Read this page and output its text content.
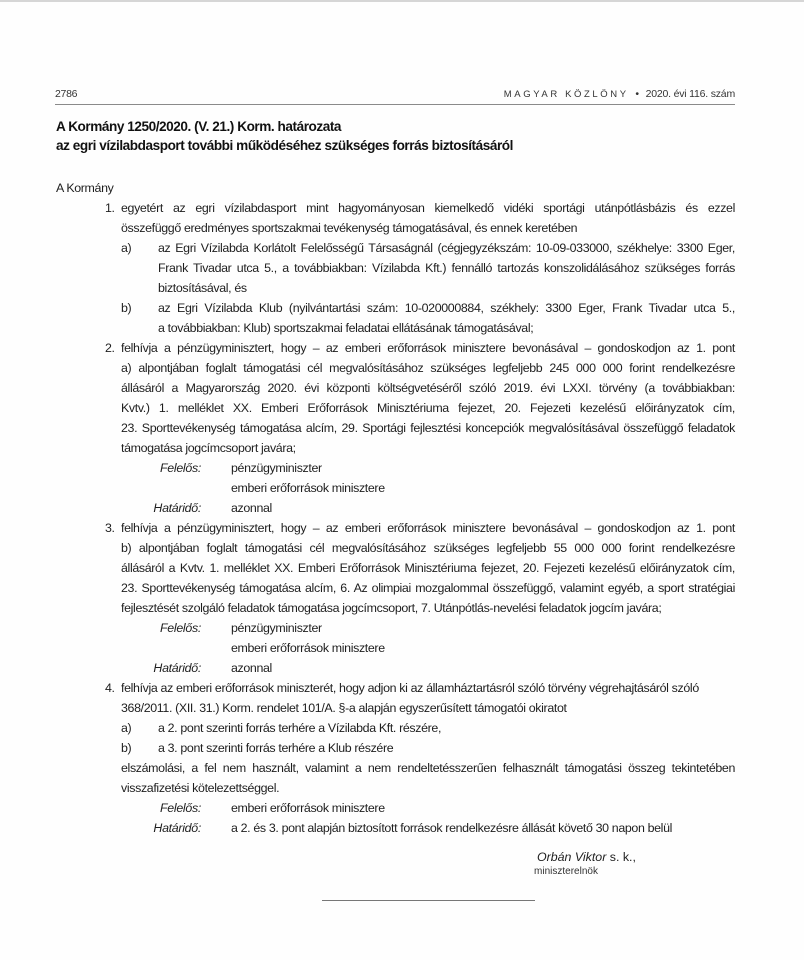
2786	MAGYAR KÖZLÖNY • 2020. évi 116. szám
A Kormány 1250/2020. (V. 21.) Korm. határozata
az egri vízilabdasport további működéséhez szükséges forrás biztosításáról
A Kormány
1. egyetért az egri vízilabdasport mint hagyományosan kiemelkedő vidéki sportági utánpótlásbázis és ezzel
összefüggő eredményes sportszakmai tevékenység támogatásával, és ennek keretében
a) az Egri Vízilabda Korlátolt Felelősségű Társaságnál (cégjegyzékszám: 10-09-033000, székhelye: 3300 Eger,
Frank Tivadar utca 5., a továbbiakban: Vízilabda Kft.) fennálló tartozás konszolidálásához szükséges forrás
biztosításával, és
b) az Egri Vízilabda Klub (nyilvántartási szám: 10-020000884, székhely: 3300 Eger, Frank Tivadar utca 5.,
a továbbiakban: Klub) sportszakmai feladatai ellátásának támogatásával;
2. felhívja a pénzügyminisztert, hogy – az emberi erőforrások minisztere bevonásával – gondoskodjon az 1. pont
a) alpontjában foglalt támogatási cél megvalósításához szükséges legfeljebb 245 000 000 forint rendelkezésre
állásáról a Magyarország 2020. évi központi költségvetéséről szóló 2019. évi LXXI. törvény (a továbbiakban:
Kvtv.) 1. melléklet XX. Emberi Erőforrások Minisztériuma fejezet, 20. Fejezeti kezelésű előirányzatok cím,
23. Sporttevékenység támogatása alcím, 29. Sportági fejlesztési koncepciók megvalósításával összefüggő feladatok
támogatása jogcímcsoport javára;
Felelős: pénzügyminiszter
emberi erőforrások minisztere
Határidő: azonnal
3. felhívja a pénzügyminisztert, hogy – az emberi erőforrások minisztere bevonásával – gondoskodjon az 1. pont
b) alpontjában foglalt támogatási cél megvalósításához szükséges legfeljebb 55 000 000 forint rendelkezésre
állásáról a Kvtv. 1. melléklet XX. Emberi Erőforrások Minisztériuma fejezet, 20. Fejezeti kezelésű előirányzatok cím,
23. Sporttevékenység támogatása alcím, 6. Az olimpiai mozgalommal összefüggő, valamint egyéb, a sport stratégiai
fejlesztését szolgáló feladatok támogatása jogcímcsoport, 7. Utánpótlás-nevelési feladatok jogcím javára;
Felelős: pénzügyminiszter
emberi erőforrások minisztere
Határidő: azonnal
4. felhívja az emberi erőforrások miniszterét, hogy adjon ki az államháztartásról szóló törvény végrehajtásáról szóló
368/2011. (XII. 31.) Korm. rendelet 101/A. §-a alapján egyszerűsített támogatói okiratot
a) a 2. pont szerinti forrás terhére a Vízilabda Kft. részére,
b) a 3. pont szerinti forrás terhére a Klub részére
elszámolási, a fel nem használt, valamint a nem rendeltetésszerűen felhasznált támogatási összeg tekintetében
visszafizetési kötelezettséggel.
Felelős: emberi erőforrások minisztere
Határidő: a 2. és 3. pont alapján biztosított források rendelkezésre állását követő 30 napon belül
Orbán Viktor s. k.,
miniszterelnök
